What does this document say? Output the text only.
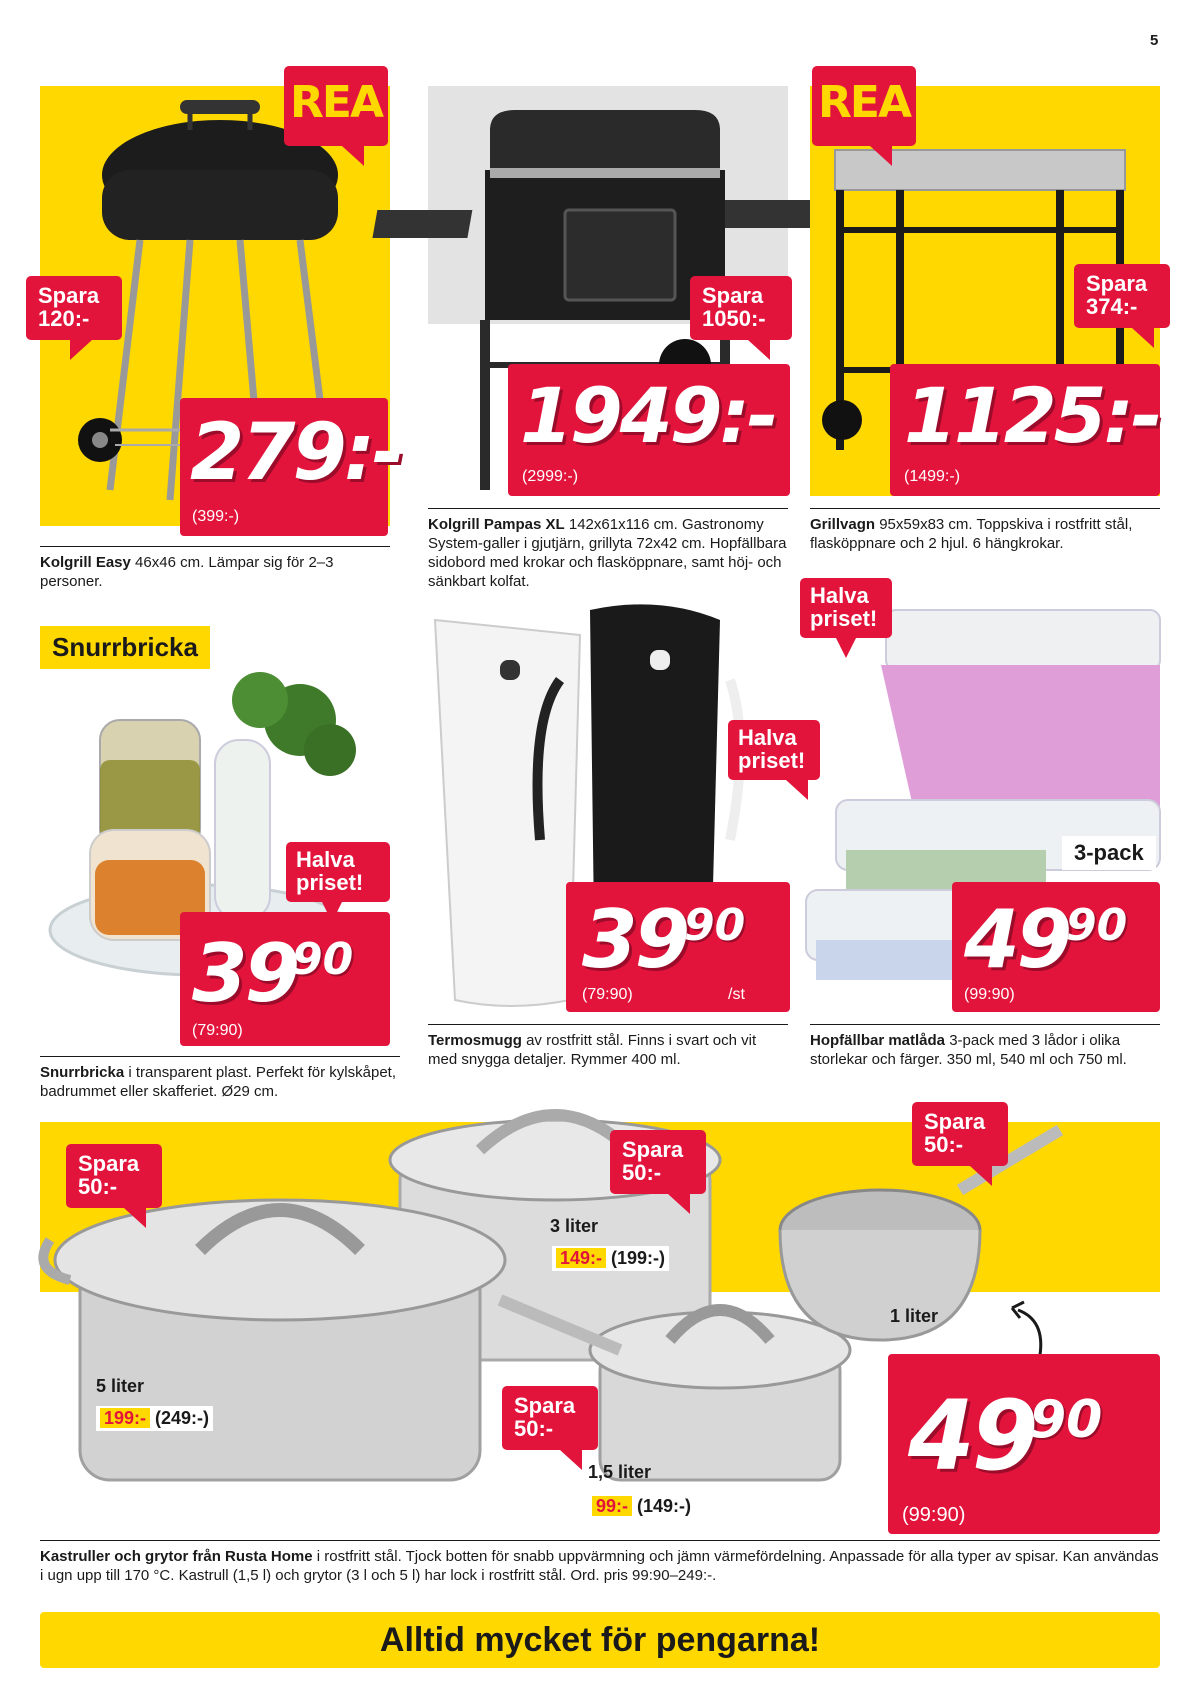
5
REA
Spara 120:-
279:-
(399:-)
Kolgrill Easy 46x46 cm. Lämpar sig för 2–3 personer.
Spara 1050:-
1949:-
(2999:-)
Kolgrill Pampas XL 142x61x116 cm. Gastronomy System-galler i gjutjärn, grillyta 72x42 cm. Hopfällbara sidobord med krokar och flasköppnare, samt höj- och sänkbart kolfat.
REA
Spara 374:-
1125:-
(1499:-)
Grillvagn 95x59x83 cm. Toppskiva i rostfritt stål, flasköppnare och 2 hjul. 6 hängkrokar.
Snurrbricka
Halva priset!
39
90
(79:90)
Snurrbricka i transparent plast. Perfekt för kylskåpet, badrummet eller skafferiet. Ø29 cm.
Halva priset!
39
90
(79:90)	/st
Termosmugg av rostfritt stål. Finns i svart och vit med snygga detaljer. Rymmer 400 ml.
Halva priset!
3-pack
49
90
(99:90)
Hopfällbar matlåda 3-pack med 3 lådor i olika storlekar och färger. 350 ml, 540 ml och 750 ml.
Spara 50:-
Spara 50:-
Spara 50:-
Spara 50:-
3 liter
149:- (199:-)
5 liter
199:- (249:-)
1,5 liter
99:- (149:-)
1 liter
49
90
(99:90)
Kastruller och grytor från Rusta Home i rostfritt stål. Tjock botten för snabb uppvärmning och jämn värmefördelning. Anpassade för alla typer av spisar. Kan användas i ugn upp till 170 °C. Kastrull (1,5 l) och grytor (3 l och 5 l) har lock i rostfritt stål. Ord. pris 99:90–249:-.
Alltid mycket för pengarna!
